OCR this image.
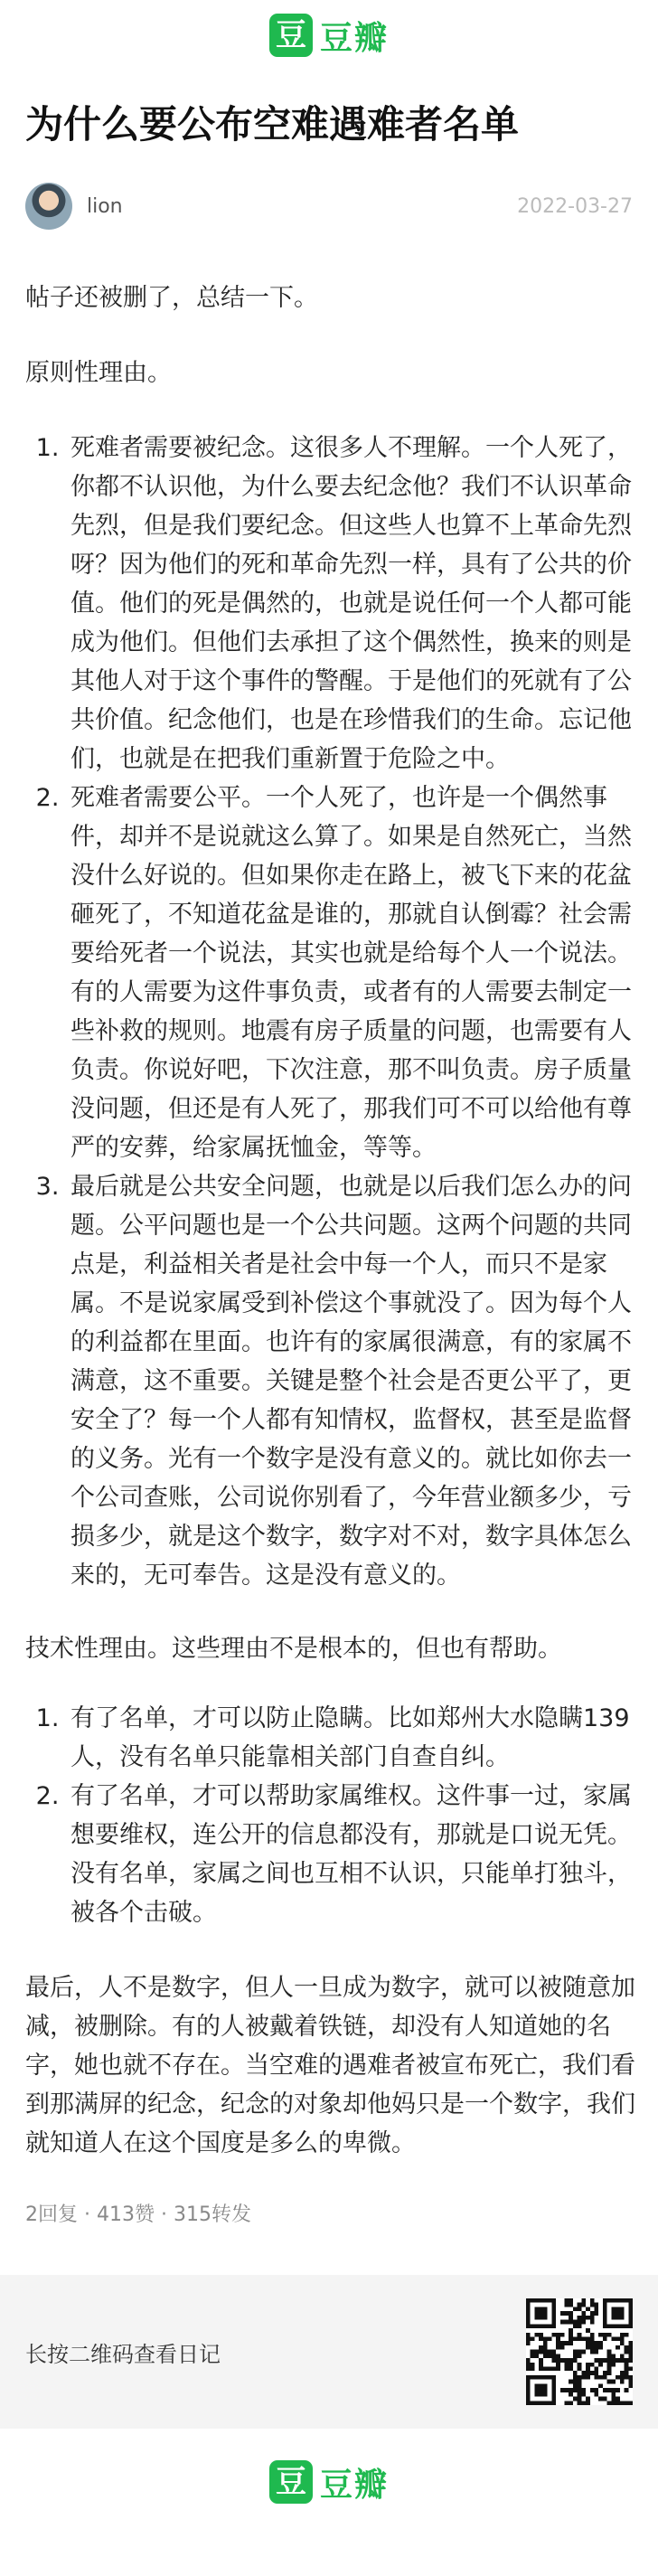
豆 豆瓣
为什么要公布空难遇难者名单
lion	2022-03-27

帖子还被删了，总结一下。

原则性理由。

1. 死难者需要被纪念。这很多人不理解。一个人死了，你都不认识他，为什么要去纪念他？我们不认识革命先烈，但是我们要纪念。但这些人也算不上革命先烈呀？因为他们的死和革命先烈一样，具有了公共的价值。他们的死是偶然的，也就是说任何一个人都可能成为他们。但他们去承担了这个偶然性，换来的则是其他人对于这个事件的警醒。于是他们的死就有了公共价值。纪念他们，也是在珍惜我们的生命。忘记他们，也就是在把我们重新置于危险之中。
2. 死难者需要公平。一个人死了，也许是一个偶然事件，却并不是说就这么算了。如果是自然死亡，当然没什么好说的。但如果你走在路上，被飞下来的花盆砸死了，不知道花盆是谁的，那就自认倒霉？社会需要给死者一个说法，其实也就是给每个人一个说法。有的人需要为这件事负责，或者有的人需要去制定一些补救的规则。地震有房子质量的问题，也需要有人负责。你说好吧，下次注意，那不叫负责。房子质量没问题，但还是有人死了，那我们可不可以给他有尊严的安葬，给家属抚恤金，等等。
3. 最后就是公共安全问题，也就是以后我们怎么办的问题。公平问题也是一个公共问题。这两个问题的共同点是，利益相关者是社会中每一个人，而只不是家属。不是说家属受到补偿这个事就没了。因为每个人的利益都在里面。也许有的家属很满意，有的家属不满意，这不重要。关键是整个社会是否更公平了，更安全了？每一个人都有知情权，监督权，甚至是监督的义务。光有一个数字是没有意义的。就比如你去一个公司查账，公司说你别看了，今年营业额多少，亏损多少，就是这个数字，数字对不对，数字具体怎么来的，无可奉告。这是没有意义的。

技术性理由。这些理由不是根本的，但也有帮助。

1. 有了名单，才可以防止隐瞒。比如郑州大水隐瞒139人，没有名单只能靠相关部门自查自纠。
2. 有了名单，才可以帮助家属维权。这件事一过，家属想要维权，连公开的信息都没有，那就是口说无凭。没有名单，家属之间也互相不认识，只能单打独斗，被各个击破。

最后，人不是数字，但人一旦成为数字，就可以被随意加减，被删除。有的人被戴着铁链，却没有人知道她的名字，她也就不存在。当空难的遇难者被宣布死亡，我们看到那满屏的纪念，纪念的对象却他妈只是一个数字，我们就知道人在这个国度是多么的卑微。

2回复 · 413赞 · 315转发
长按二维码查看日记
豆 豆瓣
